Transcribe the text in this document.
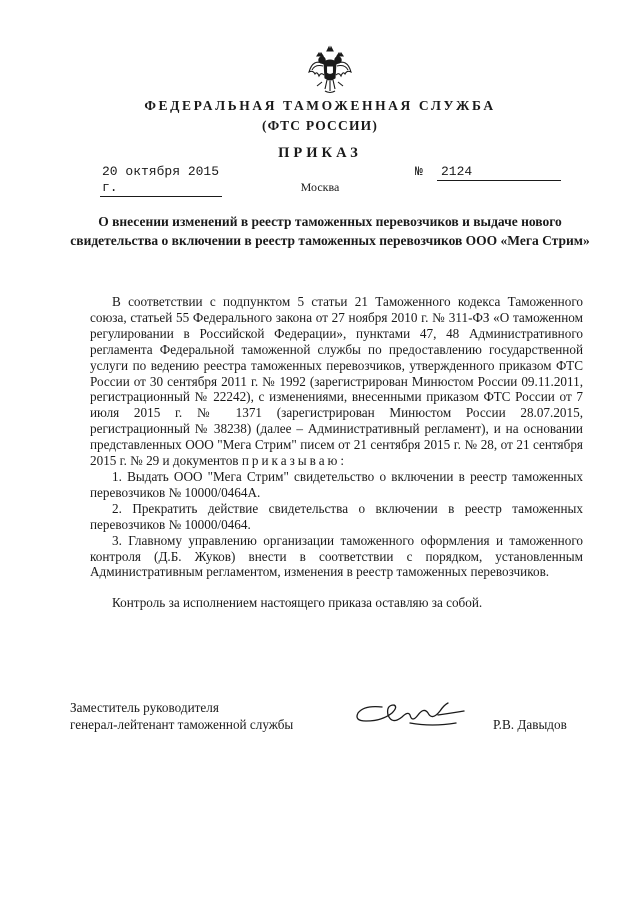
ФЕДЕРАЛЬНАЯ ТАМОЖЕННАЯ СЛУЖБА
(ФТС РОССИИ)
ПРИКАЗ
20 октября 2015 г.
№	2124
Москва
О внесении изменений в реестр таможенных перевозчиков и выдаче нового свидетельства о включении в реестр таможенных перевозчиков ООО «Мега Стрим»

В соответствии с подпунктом 5 статьи 21 Таможенного кодекса Таможенного союза, статьей 55 Федерального закона от 27 ноября 2010 г. № 311-ФЗ «О таможенном регулировании в Российской Федерации», пунктами 47, 48 Административного регламента Федеральной таможенной службы по предоставлению государственной услуги по ведению реестра таможенных перевозчиков, утвержденного приказом ФТС России от 30 сентября 2011 г. № 1992 (зарегистрирован Минюстом России 09.11.2011, регистрационный № 22242), с изменениями, внесенными приказом ФТС России от 7 июля 2015 г. № 1371 (зарегистрирован Минюстом России 28.07.2015, регистрационный № 38238) (далее – Административный регламент), и на основании представленных ООО "Мега Стрим" писем от 21 сентября 2015 г. № 28, от 21 сентября 2015 г. № 29 и документов приказываю:

1. Выдать ООО "Мега Стрим" свидетельство о включении в реестр таможенных перевозчиков № 10000/0464А.

2. Прекратить действие свидетельства о включении в реестр таможенных перевозчиков № 10000/0464.

3. Главному управлению организации таможенного оформления и таможенного контроля (Д.Б. Жуков) внести в соответствии с порядком, установленным Административным регламентом, изменения в реестр таможенных перевозчиков.

Контроль за исполнением настоящего приказа оставляю за собой.

Заместитель руководителя
генерал-лейтенант таможенной службы	Р.В. Давыдов
